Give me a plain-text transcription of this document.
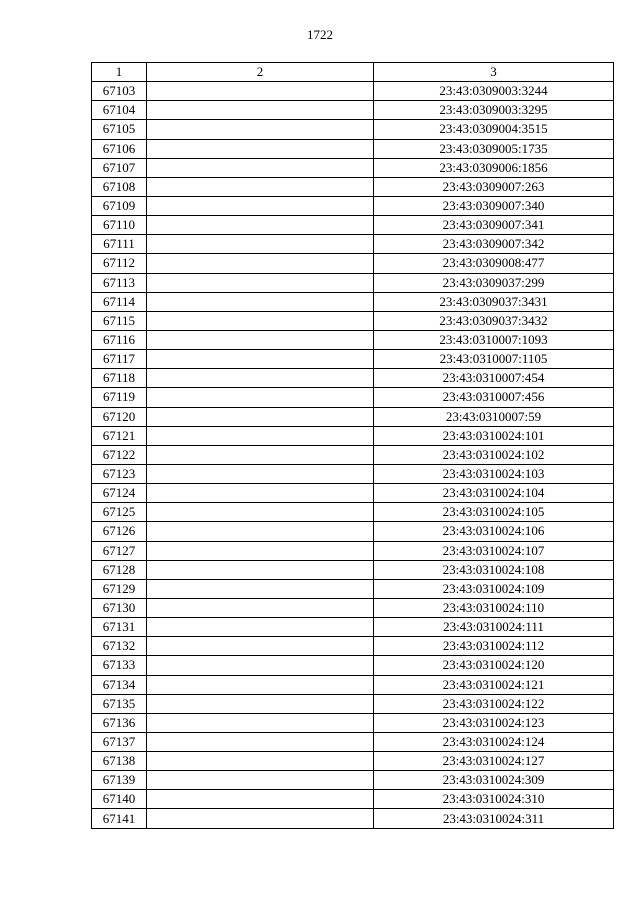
1722
1	2	3
67103		23:43:0309003:3244
67104		23:43:0309003:3295
67105		23:43:0309004:3515
67106		23:43:0309005:1735
67107		23:43:0309006:1856
67108		23:43:0309007:263
67109		23:43:0309007:340
67110		23:43:0309007:341
67111		23:43:0309007:342
67112		23:43:0309008:477
67113		23:43:0309037:299
67114		23:43:0309037:3431
67115		23:43:0309037:3432
67116		23:43:0310007:1093
67117		23:43:0310007:1105
67118		23:43:0310007:454
67119		23:43:0310007:456
67120		23:43:0310007:59
67121		23:43:0310024:101
67122		23:43:0310024:102
67123		23:43:0310024:103
67124		23:43:0310024:104
67125		23:43:0310024:105
67126		23:43:0310024:106
67127		23:43:0310024:107
67128		23:43:0310024:108
67129		23:43:0310024:109
67130		23:43:0310024:110
67131		23:43:0310024:111
67132		23:43:0310024:112
67133		23:43:0310024:120
67134		23:43:0310024:121
67135		23:43:0310024:122
67136		23:43:0310024:123
67137		23:43:0310024:124
67138		23:43:0310024:127
67139		23:43:0310024:309
67140		23:43:0310024:310
67141		23:43:0310024:311
